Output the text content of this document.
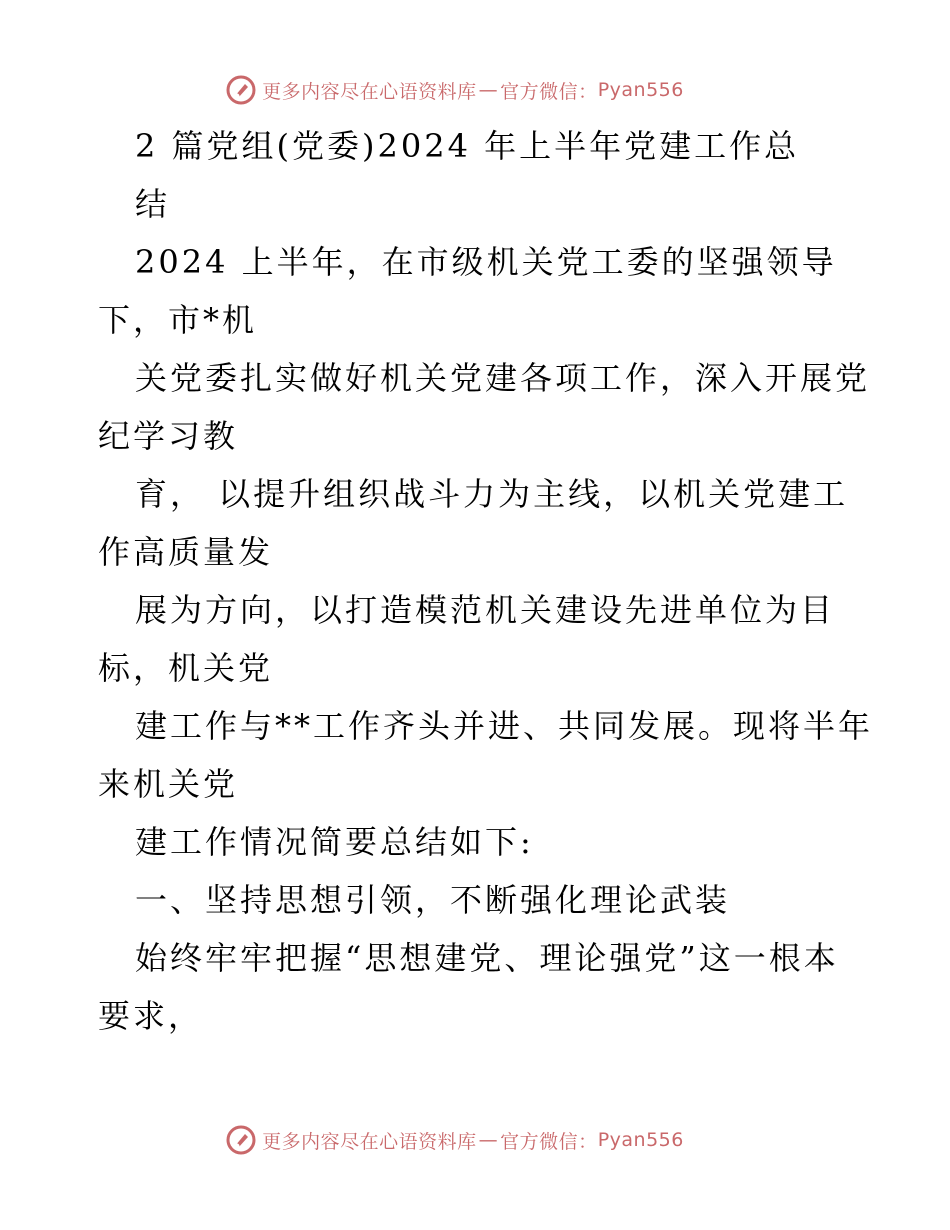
更多内容尽在心语资料库 — 官方微信： Pyan556
2 篇党组(党委)2024 年上半年党建工作总
结
2024 上半年，在市级机关党工委的坚强领导
下，市*机
关党委扎实做好机关党建各项工作，深入开展党
纪学习教
育， 以提升组织战斗力为主线，以机关党建工
作高质量发
展为方向，以打造模范机关建设先进单位为目
标，机关党
建工作与**工作齐头并进、共同发展。现将半年
来机关党
建工作情况简要总结如下:
一、坚持思想引领，不断强化理论武装
始终牢牢把握“思想建党、理论强党”这一根本
要求，
更多内容尽在心语资料库 — 官方微信： Pyan556
